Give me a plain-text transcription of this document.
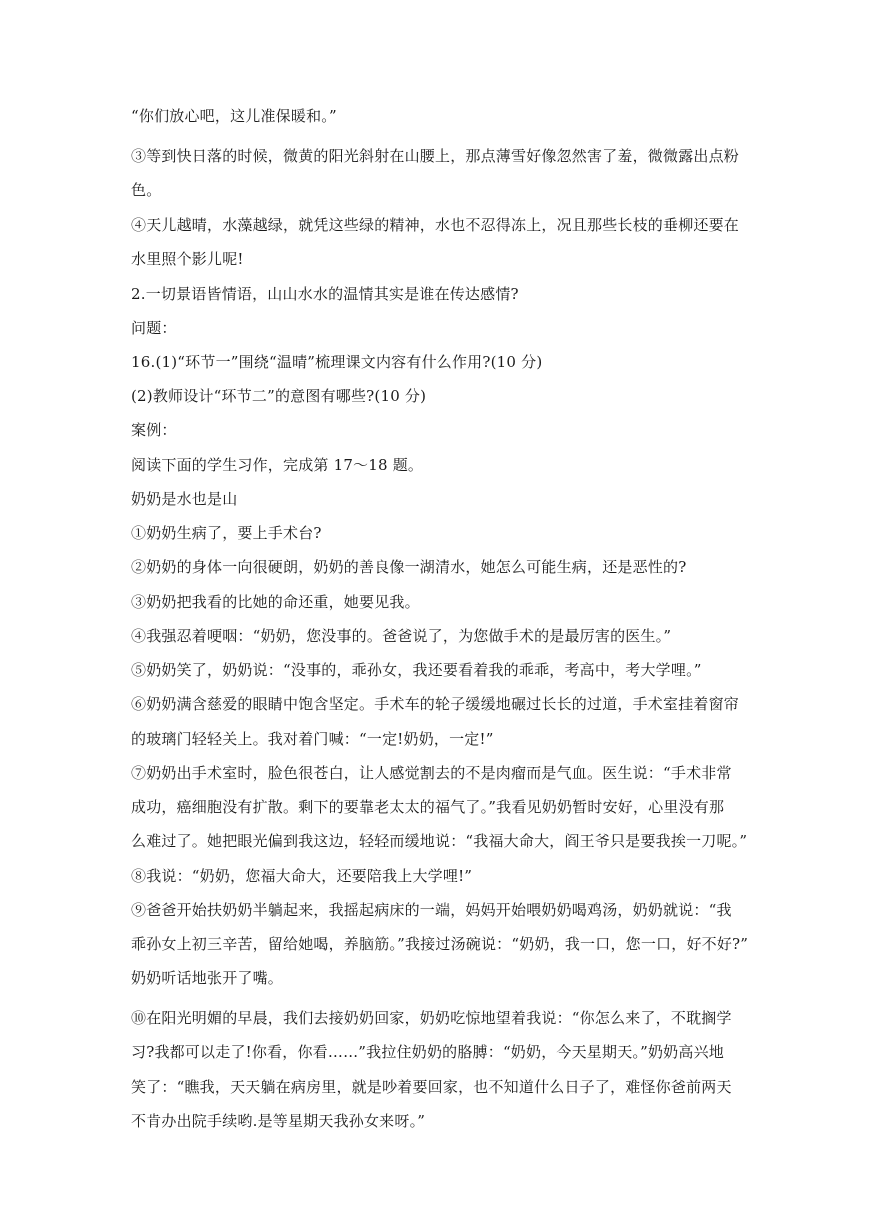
“你们放心吧，这儿准保暖和。”
③等到快日落的时候，微黄的阳光斜射在山腰上，那点薄雪好像忽然害了羞，微微露出点粉
色。
④天儿越晴，水藻越绿，就凭这些绿的精神，水也不忍得冻上，况且那些长枝的垂柳还要在
水里照个影儿呢!
2.一切景语皆情语，山山水水的温情其实是谁在传达感情?
问题：
16.(1)“环节一”围绕“温晴”梳理课文内容有什么作用?(10 分)
(2)教师设计“环节二”的意图有哪些?(10 分)
案例：
阅读下面的学生习作，完成第 17～18 题。
奶奶是水也是山
①奶奶生病了，要上手术台?
②奶奶的身体一向很硬朗，奶奶的善良像一湖清水，她怎么可能生病，还是恶性的?
③奶奶把我看的比她的命还重，她要见我。
④我强忍着哽咽：“奶奶，您没事的。爸爸说了，为您做手术的是最厉害的医生。”
⑤奶奶笑了，奶奶说：“没事的，乖孙女，我还要看着我的乖乖，考高中，考大学哩。”
⑥奶奶满含慈爱的眼睛中饱含坚定。手术车的轮子缓缓地碾过长长的过道，手术室挂着窗帘
的玻璃门轻轻关上。我对着门喊：“一定!奶奶，一定!”
⑦奶奶出手术室时，脸色很苍白，让人感觉割去的不是肉瘤而是气血。医生说：“手术非常
成功，癌细胞没有扩散。剩下的要靠老太太的福气了。”我看见奶奶暂时安好，心里没有那
么难过了。她把眼光偏到我这边，轻轻而缓地说：“我福大命大，阎王爷只是要我挨一刀呢。”
⑧我说：“奶奶，您福大命大，还要陪我上大学哩!”
⑨爸爸开始扶奶奶半躺起来，我摇起病床的一端，妈妈开始喂奶奶喝鸡汤，奶奶就说：“我
乖孙女上初三辛苦，留给她喝，养脑筋。”我接过汤碗说：“奶奶，我一口，您一口，好不好?”
奶奶听话地张开了嘴。
⑩在阳光明媚的早晨，我们去接奶奶回家，奶奶吃惊地望着我说：“你怎么来了，不耽搁学
习?我都可以走了!你看，你看……”我拉住奶奶的胳膊：“奶奶，今天星期天。”奶奶高兴地
笑了：“瞧我，天天躺在病房里，就是吵着要回家，也不知道什么日子了，难怪你爸前两天
不肯办出院手续哟.是等星期天我孙女来呀。”
